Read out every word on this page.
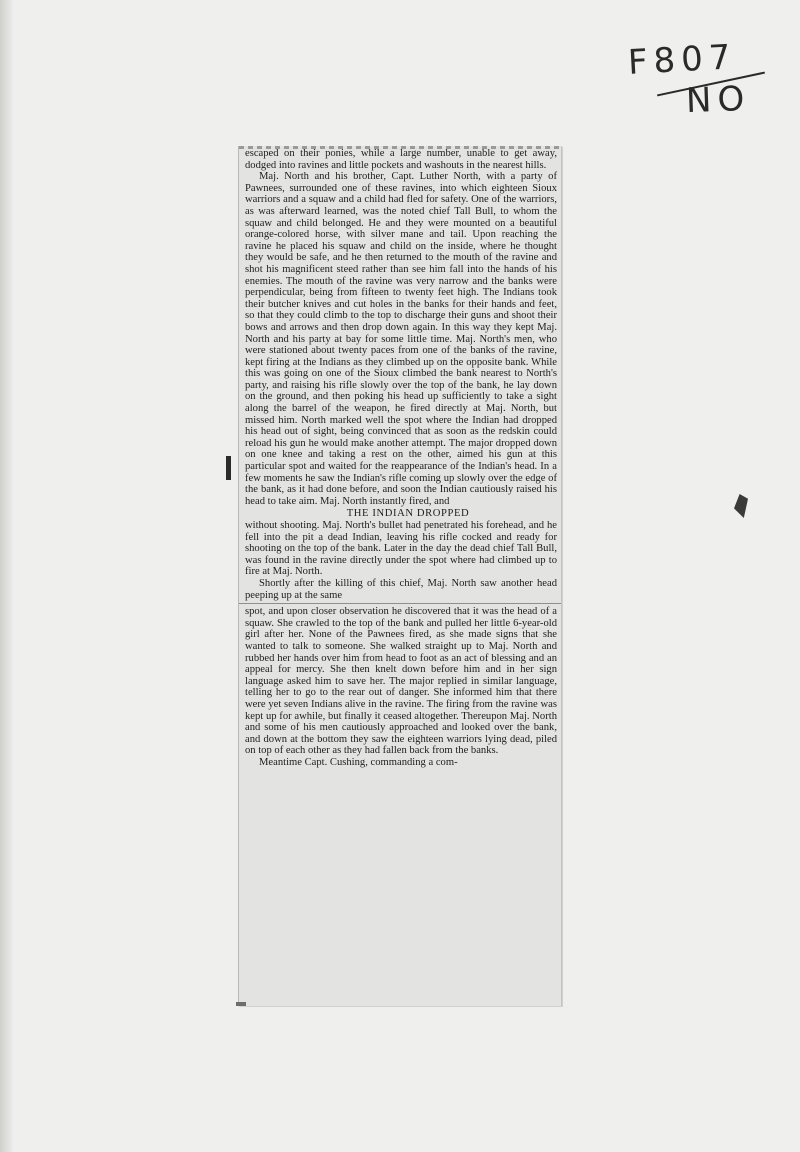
F807
NO

escaped on their ponies, while a large number, unable to get away, dodged into ravines and little pockets and washouts in the nearest hills.

Maj. North and his brother, Capt. Luther North, with a party of Pawnees, surrounded one of these ravines, into which eighteen Sioux warriors and a squaw and a child had fled for safety. One of the warriors, as was afterward learned, was the noted chief Tall Bull, to whom the squaw and child belonged. He and they were mounted on a beautiful orange-colored horse, with silver mane and tail. Upon reaching the ravine he placed his squaw and child on the inside, where he thought they would be safe, and he then returned to the mouth of the ravine and shot his magnificent steed rather than see him fall into the hands of his enemies. The mouth of the ravine was very narrow and the banks were perpendicular, being from fifteen to twenty feet high. The Indians took their butcher knives and cut holes in the banks for their hands and feet, so that they could climb to the top to discharge their guns and shoot their bows and arrows and then drop down again. In this way they kept Maj. North and his party at bay for some little time. Maj. North's men, who were stationed about twenty paces from one of the banks of the ravine, kept firing at the Indians as they climbed up on the opposite bank. While this was going on one of the Sioux climbed the bank nearest to North's party, and raising his rifle slowly over the top of the bank, he lay down on the ground, and then poking his head up sufficiently to take a sight along the barrel of the weapon, he fired directly at Maj. North, but missed him. North marked well the spot where the Indian had dropped his head out of sight, being convinced that as soon as the redskin could reload his gun he would make another attempt. The major dropped down on one knee and taking a rest on the other, aimed his gun at this particular spot and waited for the reappearance of the Indian's head. In a few moments he saw the Indian's rifle coming up slowly over the edge of the bank, as it had done before, and soon the Indian cautiously raised his head to take aim. Maj. North instantly fired, and

THE INDIAN DROPPED

without shooting. Maj. North's bullet had penetrated his forehead, and he fell into the pit a dead Indian, leaving his rifle cocked and ready for shooting on the top of the bank. Later in the day the dead chief Tall Bull, was found in the ravine directly under the spot where had climbed up to fire at Maj. North.

Shortly after the killing of this chief, Maj. North saw another head peeping up at the same

spot, and upon closer observation he discovered that it was the head of a squaw. She crawled to the top of the bank and pulled her little 6-year-old girl after her. None of the Pawnees fired, as she made signs that she wanted to talk to someone. She walked straight up to Maj. North and rubbed her hands over him from head to foot as an act of blessing and an appeal for mercy. She then knelt down before him and in her sign language asked him to save her. The major replied in similar language, telling her to go to the rear out of danger. She informed him that there were yet seven Indians alive in the ravine. The firing from the ravine was kept up for awhile, but finally it ceased altogether. Thereupon Maj. North and some of his men cautiously approached and looked over the bank, and down at the bottom they saw the eighteen warriors lying dead, piled on top of each other as they had fallen back from the banks.

Meantime Capt. Cushing, commanding a com-
